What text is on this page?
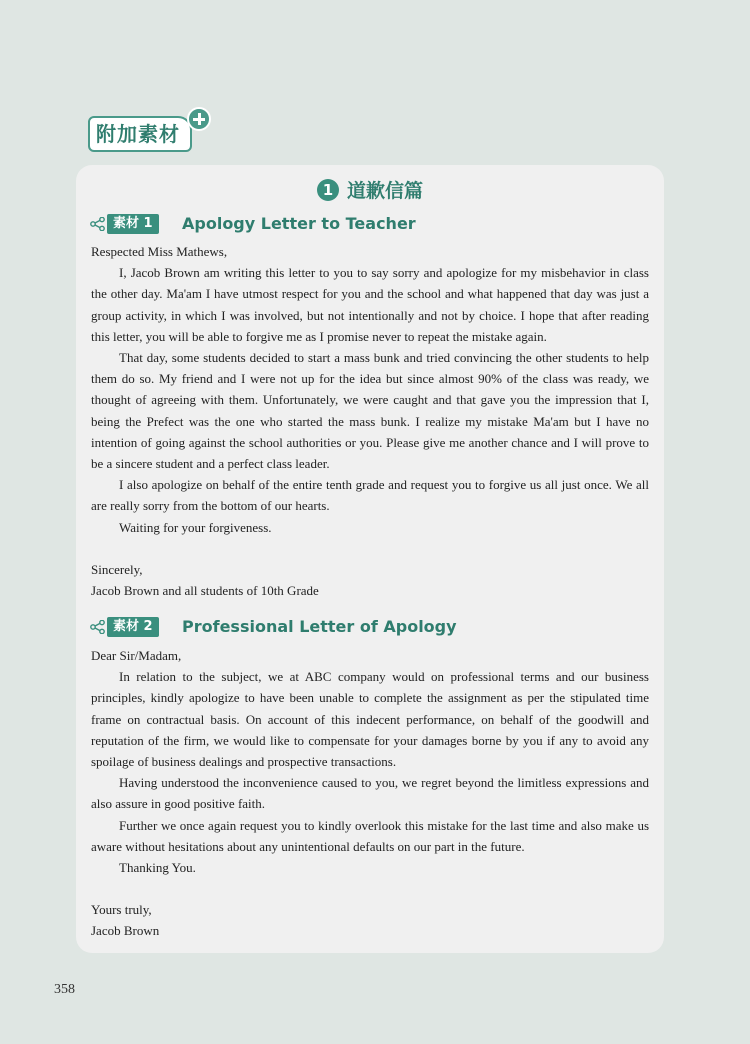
附加素材
1 道歉信篇
素材 1	Apology Letter to Teacher

Respected Miss Mathews,

I, Jacob Brown am writing this letter to you to say sorry and apologize for my misbehavior in class the other day. Ma'am I have utmost respect for you and the school and what happened that day was just a group activity, in which I was involved, but not intentionally and not by choice. I hope that after reading this letter, you will be able to forgive me as I promise never to repeat the mistake again.

That day, some students decided to start a mass bunk and tried convincing the other students to help them do so. My friend and I were not up for the idea but since almost 90% of the class was ready, we thought of agreeing with them. Unfortunately, we were caught and that gave you the impression that I, being the Prefect was the one who started the mass bunk. I realize my mistake Ma'am but I have no intention of going against the school authorities or you. Please give me another chance and I will prove to be a sincere student and a perfect class leader.

I also apologize on behalf of the entire tenth grade and request you to forgive us all just once. We all are really sorry from the bottom of our hearts.

Waiting for your forgiveness.

Sincerely,

Jacob Brown and all students of 10th Grade

素材 2	Professional Letter of Apology

Dear Sir/Madam,

In relation to the subject, we at ABC company would on professional terms and our business principles, kindly apologize to have been unable to complete the assignment as per the stipulated time frame on contractual basis. On account of this indecent performance, on behalf of the goodwill and reputation of the firm, we would like to compensate for your damages borne by you if any to avoid any spoilage of business dealings and prospective transactions.

Having understood the inconvenience caused to you, we regret beyond the limitless expressions and also assure in good positive faith.

Further we once again request you to kindly overlook this mistake for the last time and also make us aware without hesitations about any unintentional defaults on our part in the future.

Thanking You.

Yours truly,

Jacob Brown

358
